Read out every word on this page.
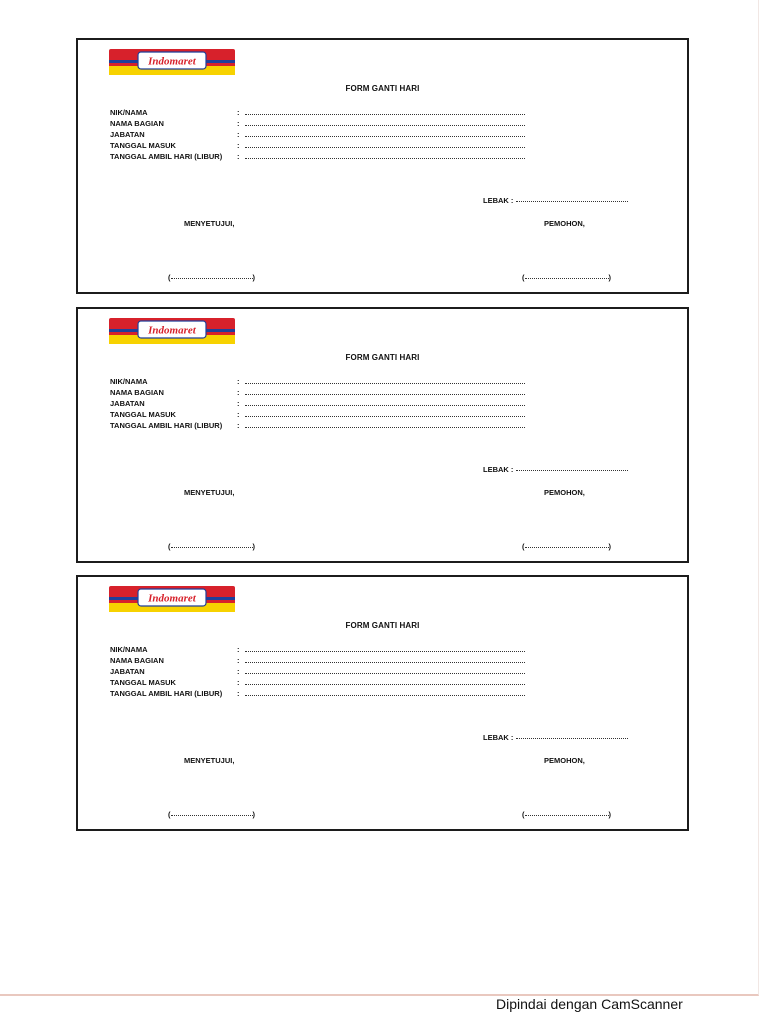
Indomaret
FORM GANTI HARI
NIK/NAMA	:
NAMA BAGIAN	:
JABATAN	:
TANGGAL MASUK	:
TANGGAL AMBIL HARI (LIBUR) :
LEBAK :
MENYETUJUI,	PEMOHON,
(	)	(	)
Indomaret
FORM GANTI HARI
NIK/NAMA	:
NAMA BAGIAN	:
JABATAN	:
TANGGAL MASUK	:
TANGGAL AMBIL HARI (LIBUR) :
LEBAK :
MENYETUJUI,	PEMOHON,
(	)	(	)
Indomaret
FORM GANTI HARI
NIK/NAMA	:
NAMA BAGIAN	:
JABATAN	:
TANGGAL MASUK	:
TANGGAL AMBIL HARI (LIBUR) :
LEBAK :
MENYETUJUI,	PEMOHON,
(	)	(	)
Dipindai dengan CamScanner
